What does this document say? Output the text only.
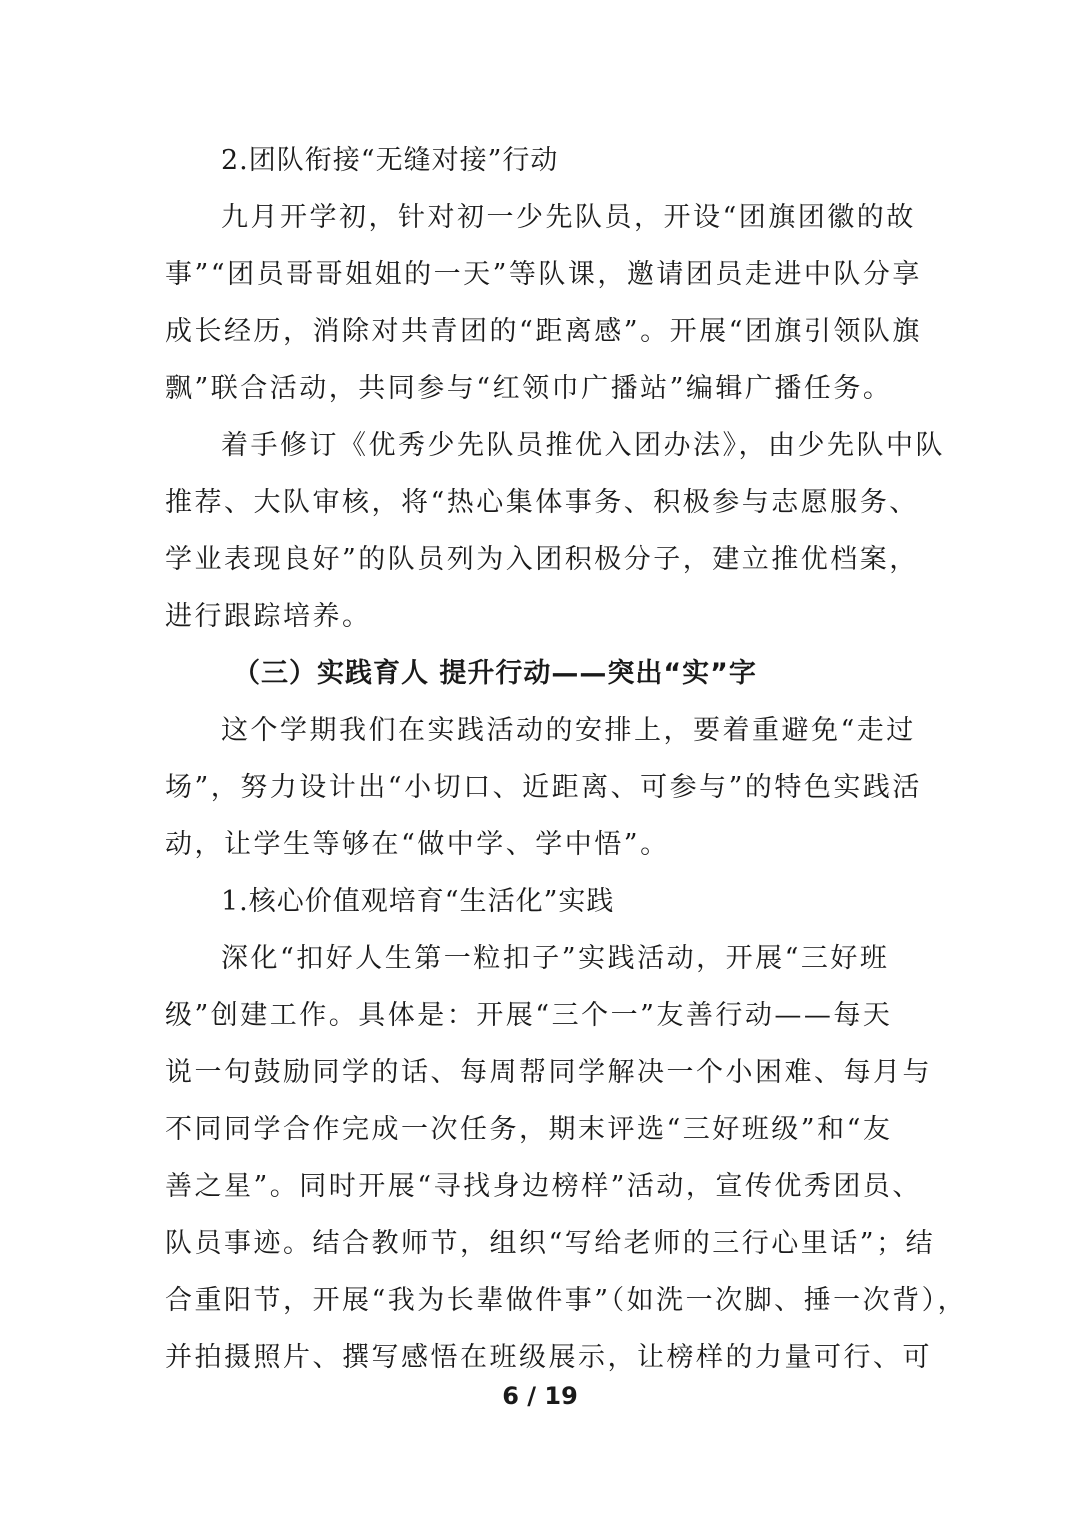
2.团队衔接“无缝对接”行动
九月开学初，针对初一少先队员，开设“团旗团徽的故
事”“团员哥哥姐姐的一天”等队课，邀请团员走进中队分享
成长经历，消除对共青团的“距离感”。开展“团旗引领队旗
飘”联合活动，共同参与“红领巾广播站”编辑广播任务。
着手修订《优秀少先队员推优入团办法》，由少先队中队
推荐、大队审核，将“热心集体事务、积极参与志愿服务、
学业表现良好”的队员列为入团积极分子，建立推优档案，
进行跟踪培养。
（三）实践育人 提升行动——突出“实”字
这个学期我们在实践活动的安排上，要着重避免“走过
场”，努力设计出“小切口、近距离、可参与”的特色实践活
动，让学生等够在“做中学、学中悟”。
1.核心价值观培育“生活化”实践
深化“扣好人生第一粒扣子”实践活动，开展“三好班
级”创建工作。具体是：开展“三个一”友善行动——每天
说一句鼓励同学的话、每周帮同学解决一个小困难、每月与
不同同学合作完成一次任务，期末评选“三好班级”和“友
善之星”。同时开展“寻找身边榜样”活动，宣传优秀团员、
队员事迹。结合教师节，组织“写给老师的三行心里话”；结
合重阳节，开展“我为长辈做件事”（如洗一次脚、捶一次背），
并拍摄照片、撰写感悟在班级展示，让榜样的力量可行、可
6 / 19
